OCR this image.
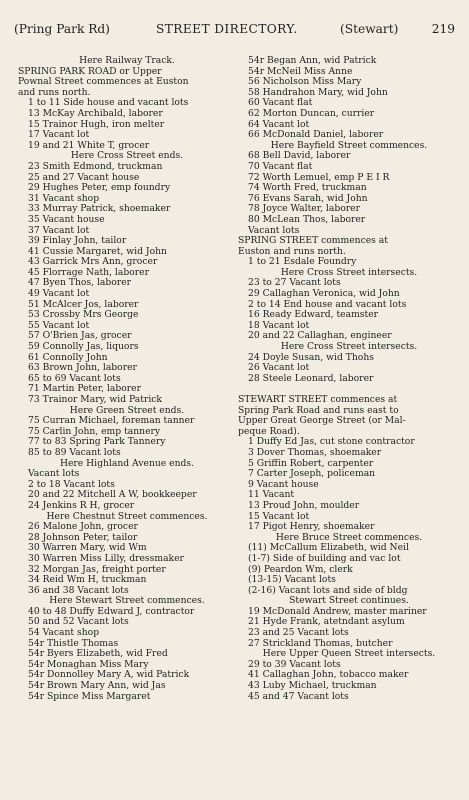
(Pring Park Rd)	STREET DIRECTORY.	(Stewart)	219
Here Railway Track.
SPRING PARK ROAD or Upper
Pownal Street commences at Euston
and runs north.
1 to 11 Side house and vacant lots
13 McKay Archibald, laborer
15 Trainor Hugh, iron melter
17 Vacant lot
19 and 21 White T, grocer
Here Cross Street ends.
23 Smith Edmond, truckman
25 and 27 Vacant house
29 Hughes Peter, emp foundry
31 Vacant shop
33 Murray Patrick, shoemaker
35 Vacant house
37 Vacant lot
39 Finlay John, tailor
41 Cussie Margaret, wid John
43 Garrick Mrs Ann, grocer
45 Florrage Nath, laborer
47 Byen Thos, laborer
49 Vacant lot
51 McAlcer Jos, laborer
53 Crossby Mrs George
55 Vacant lot
57 O'Brien Jas, grocer
59 Connolly Jas, liquors
61 Connolly John
63 Brown John, laborer
65 to 69 Vacant lots
71 Martin Peter, laborer
73 Trainor Mary, wid Patrick
Here Green Street ends.
75 Curran Michael, foreman tanner
75 Carlin John, emp tannery
77 to 83 Spring Park Tannery
85 to 89 Vacant lots
Here Highland Avenue ends.
Vacant lots
2 to 18 Vacant lots
20 and 22 Mitchell A W, bookkeeper
24 Jenkins R H, grocer
Here Chestnut Street commences.
26 Malone John, grocer
28 Johnson Peter, tailor
30 Warren Mary, wid Wm
30 Warren Miss Lilly, dressmaker
32 Morgan Jas, freight porter
34 Reid Wm H, truckman
36 and 38 Vacant lots
Here Stewart Street commences.
40 to 48 Duffy Edward J, contractor
50 and 52 Vacant lots
54 Vacant shop
54r Thistle Thomas
54r Byers Elizabeth, wid Fred
54r Monaghan Miss Mary
54r Donnolley Mary A, wid Patrick
54r Brown Mary Ann, wid Jas
54r Spince Miss Margaret
54r Began Ann, wid Patrick
54r McNeil Miss Anne
56 Nicholson Miss Mary
58 Handrahon Mary, wid John
60 Vacant flat
62 Morton Duncan, currier
64 Vacant lot
66 McDonald Daniel, laborer
Here Bayfield Street commences.
68 Bell David, laborer
70 Vacant flat
72 Worth Lemuel, emp P E I R
74 Worth Fred, truckman
76 Evans Sarah, wid John
78 Joyce Walter, laborer
80 McLean Thos, laborer
Vacant lots
SPRING STREET commences at
Euston and runs north.
1 to 21 Esdale Foundry
Here Cross Street intersects.
23 to 27 Vacant lots
29 Callaghan Veronica, wid John
2 to 14 End house and vacant lots
16 Ready Edward, teamster
18 Vacant lot
20 and 22 Callaghan, engineer
Here Cross Street intersects.
24 Doyle Susan, wid Thohs
26 Vacant lot
28 Steele Leonard, laborer

STEWART STREET commences at
Spring Park Road and runs east to
Upper Great George Street (or Mal-
peque Road).
1 Duffy Ed Jas, cut stone contractor
3 Dover Thomas, shoemaker
5 Griffin Robert, carpenter
7 Carter Joseph, policeman
9 Vacant house
11 Vacant
13 Proud John, moulder
15 Vacant lot
17 Pigot Henry, shoemaker
Here Bruce Street commences.
(11) McCallum Elizabeth, wid Neil
(1-7) Side of building and vac lot
(9) Peardon Wm, clerk
(13-15) Vacant lots
(2-16) Vacant lots and side of bldg
Stewart Street continues.
19 McDonald Andrew, master mariner
21 Hyde Frank, atetndant asylum
23 and 25 Vacant lots
27 Strickland Thomas, butcher
Here Upper Queen Street intersects.
29 to 39 Vacant lots
41 Callaghan John, tobacco maker
43 Luby Michael, truckman
45 and 47 Vacant lots
